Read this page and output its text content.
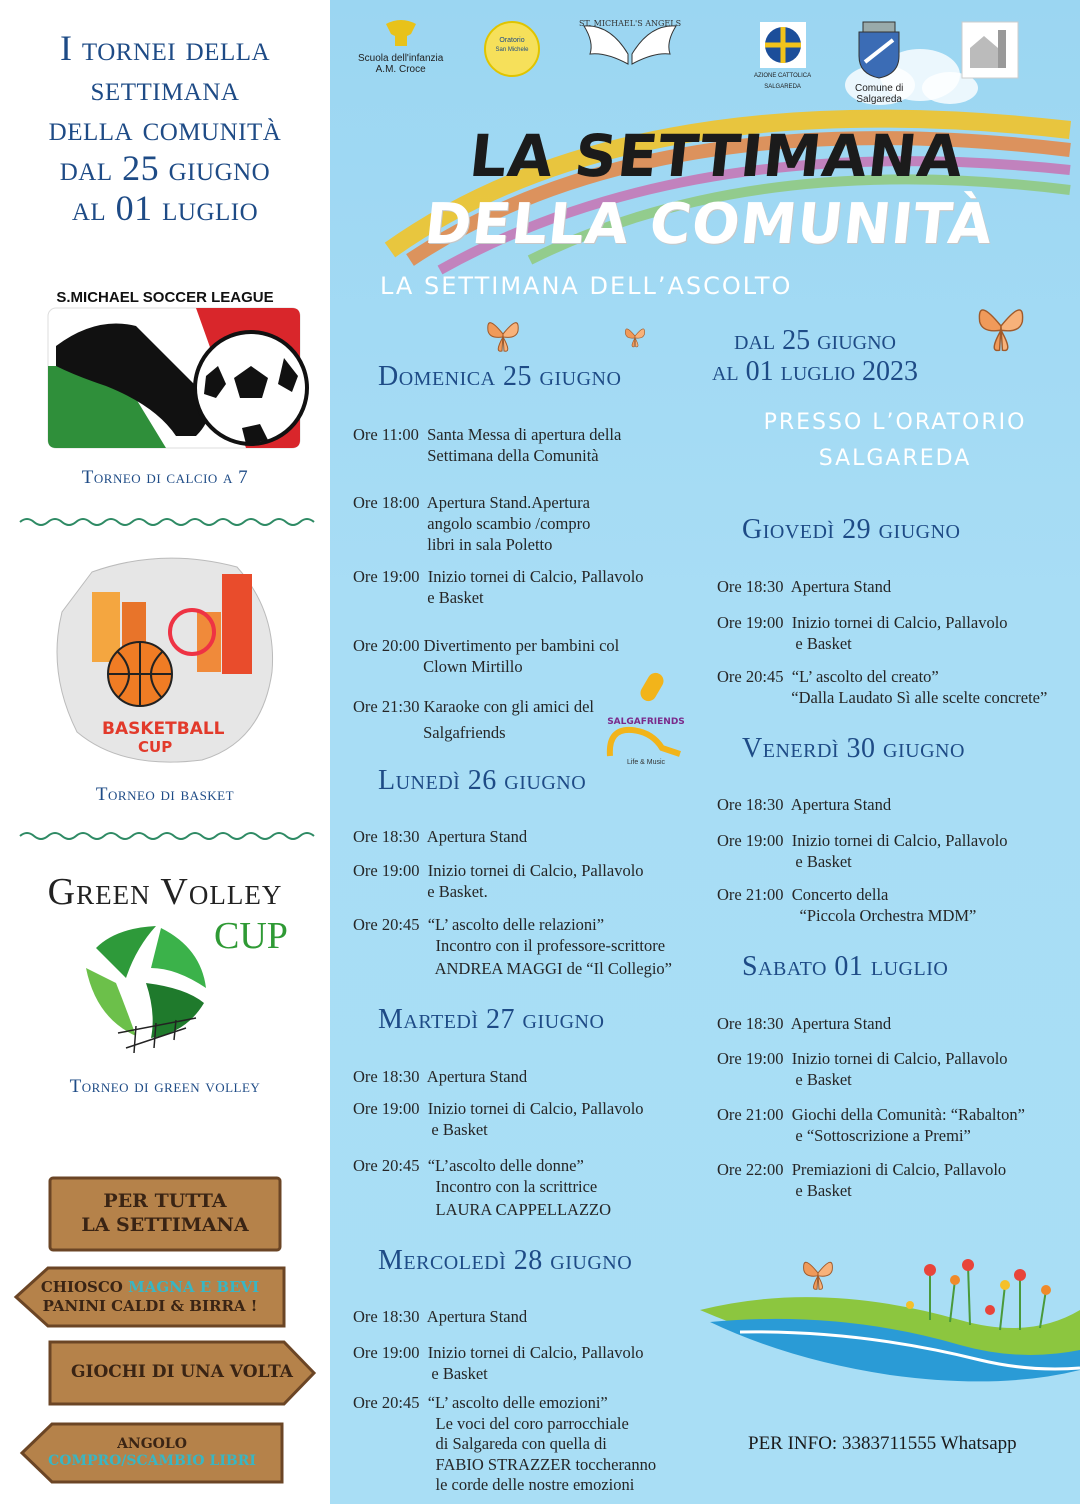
I tornei della
settimana
della comunità
dal 25 giugno
al 01 luglio
S.MICHAEL SOCCER LEAGUE
Torneo di calcio a 7
BASKETBALL
CUP
Torneo di basket
Green Volley
CUP
Torneo di green volley
PER TUTTA
LA SETTIMANA
CHIOSCO MAGNA E BEVI
PANINI CALDI & BIRRA !
GIOCHI DI UNA VOLTA
ANGOLO
COMPRO/SCAMBIO LIBRI
Scuola dell'infanzia
A.M. Croce
Oratorio
San Michele
ST. MICHAEL'S ANGELS
AZIONE CATTOLICA
SALGAREDA	Comune di
Salgareda
LA SETTIMANA
DELLA COMUNITÀ
LA SETTIMANA DELL’ASCOLTO
dal 25 giugno
al 01 luglio 2023
PRESSO L’ORATORIO
SALGAREDA
Domenica 25 giugno
Ore 11:00  Santa Messa di apertura della
Settimana della Comunità
Ore 18:00  Apertura Stand.Apertura
angolo scambio /compro
libri in sala Poletto
Ore 19:00  Inizio tornei di Calcio, Pallavolo
e Basket
Ore 20:00 Divertimento per bambini col
Clown Mirtillo
Ore 21:30 Karaoke con gli amici del
Salgafriends
SALGAFRIENDS
Life & Music
Lunedì 26 giugno
Ore 18:30  Apertura Stand
Ore 19:00  Inizio tornei di Calcio, Pallavolo
e Basket.
Ore 20:45  “L’ ascolto delle relazioni”
Incontro con il professore-scrittore
ANDREA MAGGI de “Il Collegio”
Martedì 27 giugno
Ore 18:30  Apertura Stand
Ore 19:00  Inizio tornei di Calcio, Pallavolo
e Basket
Ore 20:45  “L’ascolto delle donne”
Incontro con la scrittrice
LAURA CAPPELLAZZO
Mercoledì 28 giugno
Ore 18:30  Apertura Stand
Ore 19:00  Inizio tornei di Calcio, Pallavolo
e Basket
Ore 20:45  “L’ ascolto delle emozioni”
Le voci del coro parrocchiale
di Salgareda con quella di
FABIO STRAZZER toccheranno
le corde delle nostre emozioni
Giovedì 29 giugno
Ore 18:30  Apertura Stand
Ore 19:00  Inizio tornei di Calcio, Pallavolo
e Basket
Ore 20:45  “L’ ascolto del creato”
“Dalla Laudato Sì alle scelte concrete”
Venerdì 30 giugno
Ore 18:30  Apertura Stand
Ore 19:00  Inizio tornei di Calcio, Pallavolo
e Basket
Ore 21:00  Concerto della
“Piccola Orchestra MDM”
Sabato 01 luglio
Ore 18:30  Apertura Stand
Ore 19:00  Inizio tornei di Calcio, Pallavolo
e Basket
Ore 21:00  Giochi della Comunità: “Rabalton”
e “Sottoscrizione a Premi”
Ore 22:00  Premiazioni di Calcio, Pallavolo
e Basket
PER INFO: 3383711555 Whatsapp
